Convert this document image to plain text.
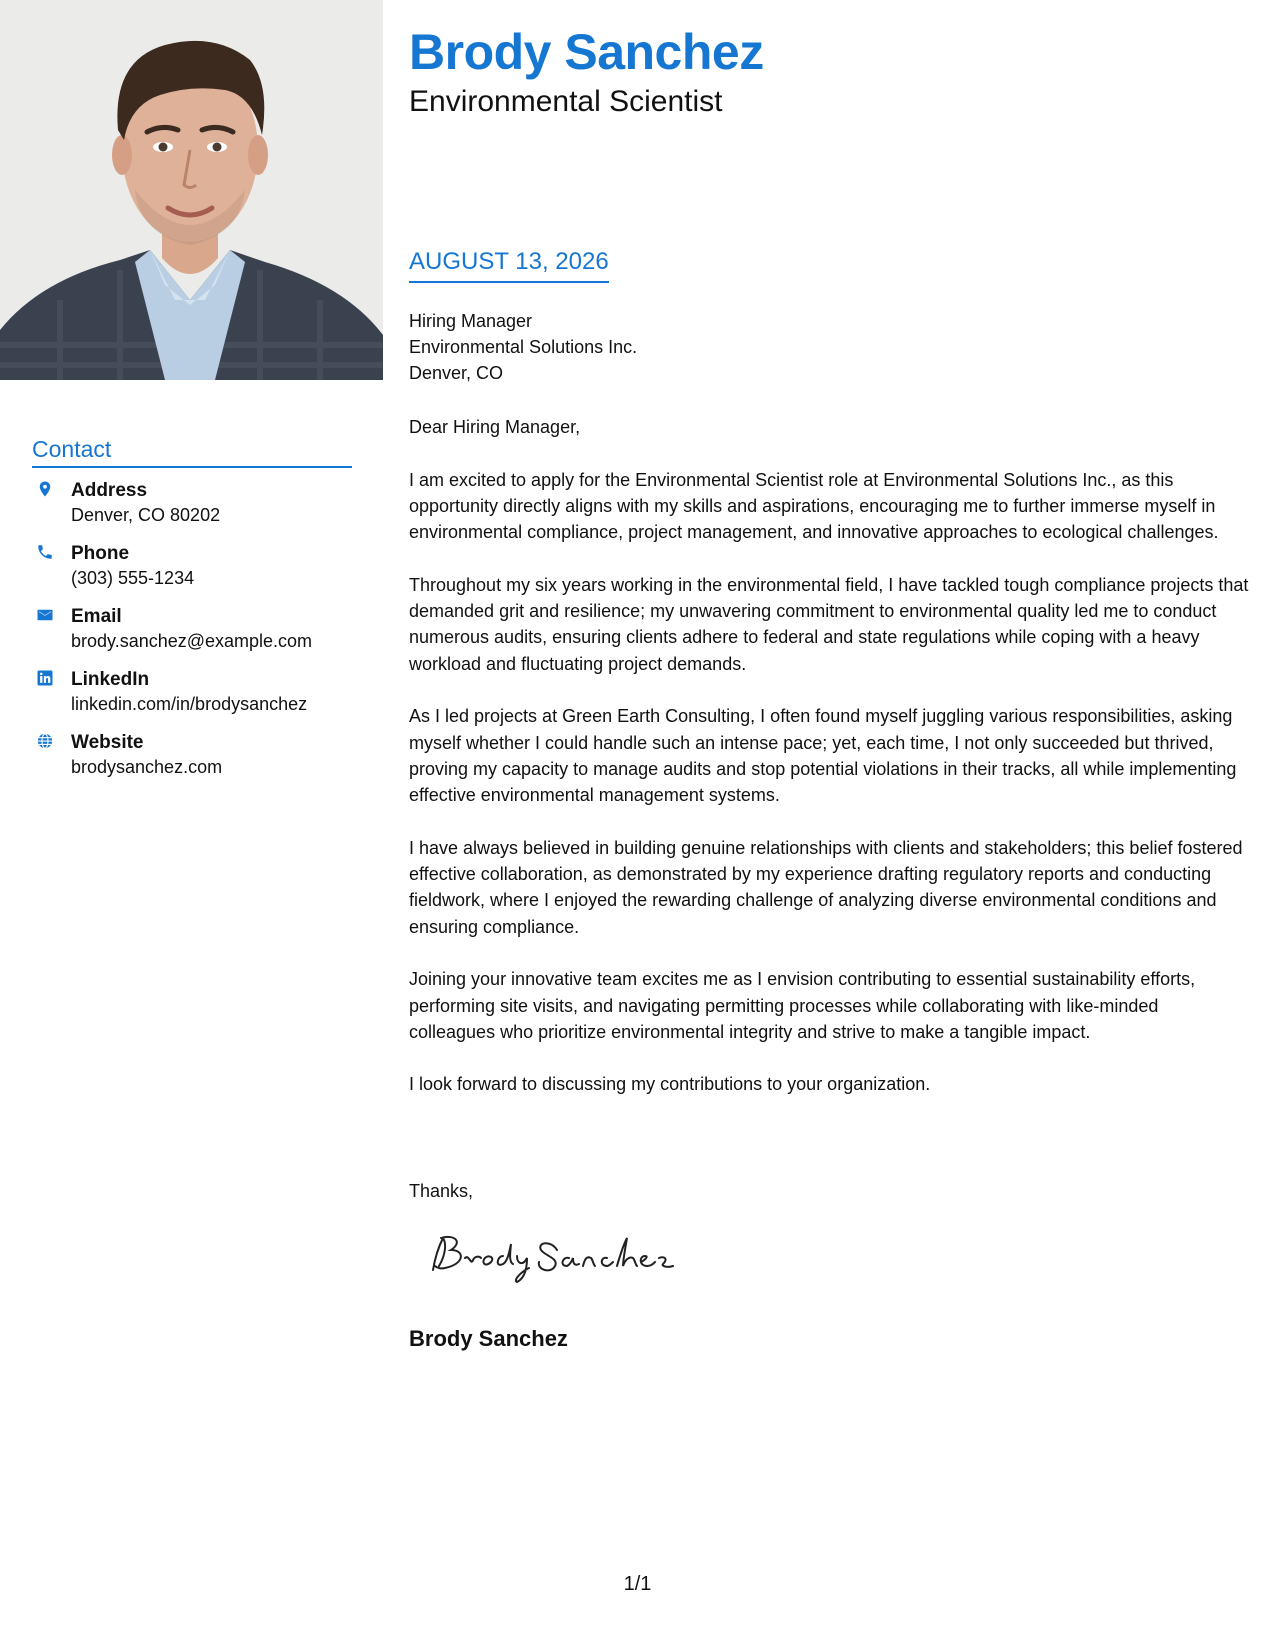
Contact
Address
Denver, CO 80202
Phone
(303) 555-1234
Email
brody.sanchez@example.com
LinkedIn
linkedin.com/in/brodysanchez
Website
brodysanchez.com
Brody Sanchez
Environmental Scientist
AUGUST 13, 2026
Hiring Manager
Environmental Solutions Inc.
Denver, CO

Dear Hiring Manager,

I am excited to apply for the Environmental Scientist role at Environmental Solutions Inc., as this opportunity directly aligns with my skills and aspirations, encouraging me to further immerse myself in environmental compliance, project management, and innovative approaches to ecological challenges.

Throughout my six years working in the environmental field, I have tackled tough compliance projects that demanded grit and resilience; my unwavering commitment to environmental quality led me to conduct numerous audits, ensuring clients adhere to federal and state regulations while coping with a heavy workload and fluctuating project demands.

As I led projects at Green Earth Consulting, I often found myself juggling various responsibilities, asking myself whether I could handle such an intense pace; yet, each time, I not only succeeded but thrived, proving my capacity to manage audits and stop potential violations in their tracks, all while implementing effective environmental management systems.

I have always believed in building genuine relationships with clients and stakeholders; this belief fostered effective collaboration, as demonstrated by my experience drafting regulatory reports and conducting fieldwork, where I enjoyed the rewarding challenge of analyzing diverse environmental conditions and ensuring compliance.

Joining your innovative team excites me as I envision contributing to essential sustainability efforts, performing site visits, and navigating permitting processes while collaborating with like-minded colleagues who prioritize environmental integrity and strive to make a tangible impact.

I look forward to discussing my contributions to your organization.

Thanks,
Brody Sanchez
1/1
